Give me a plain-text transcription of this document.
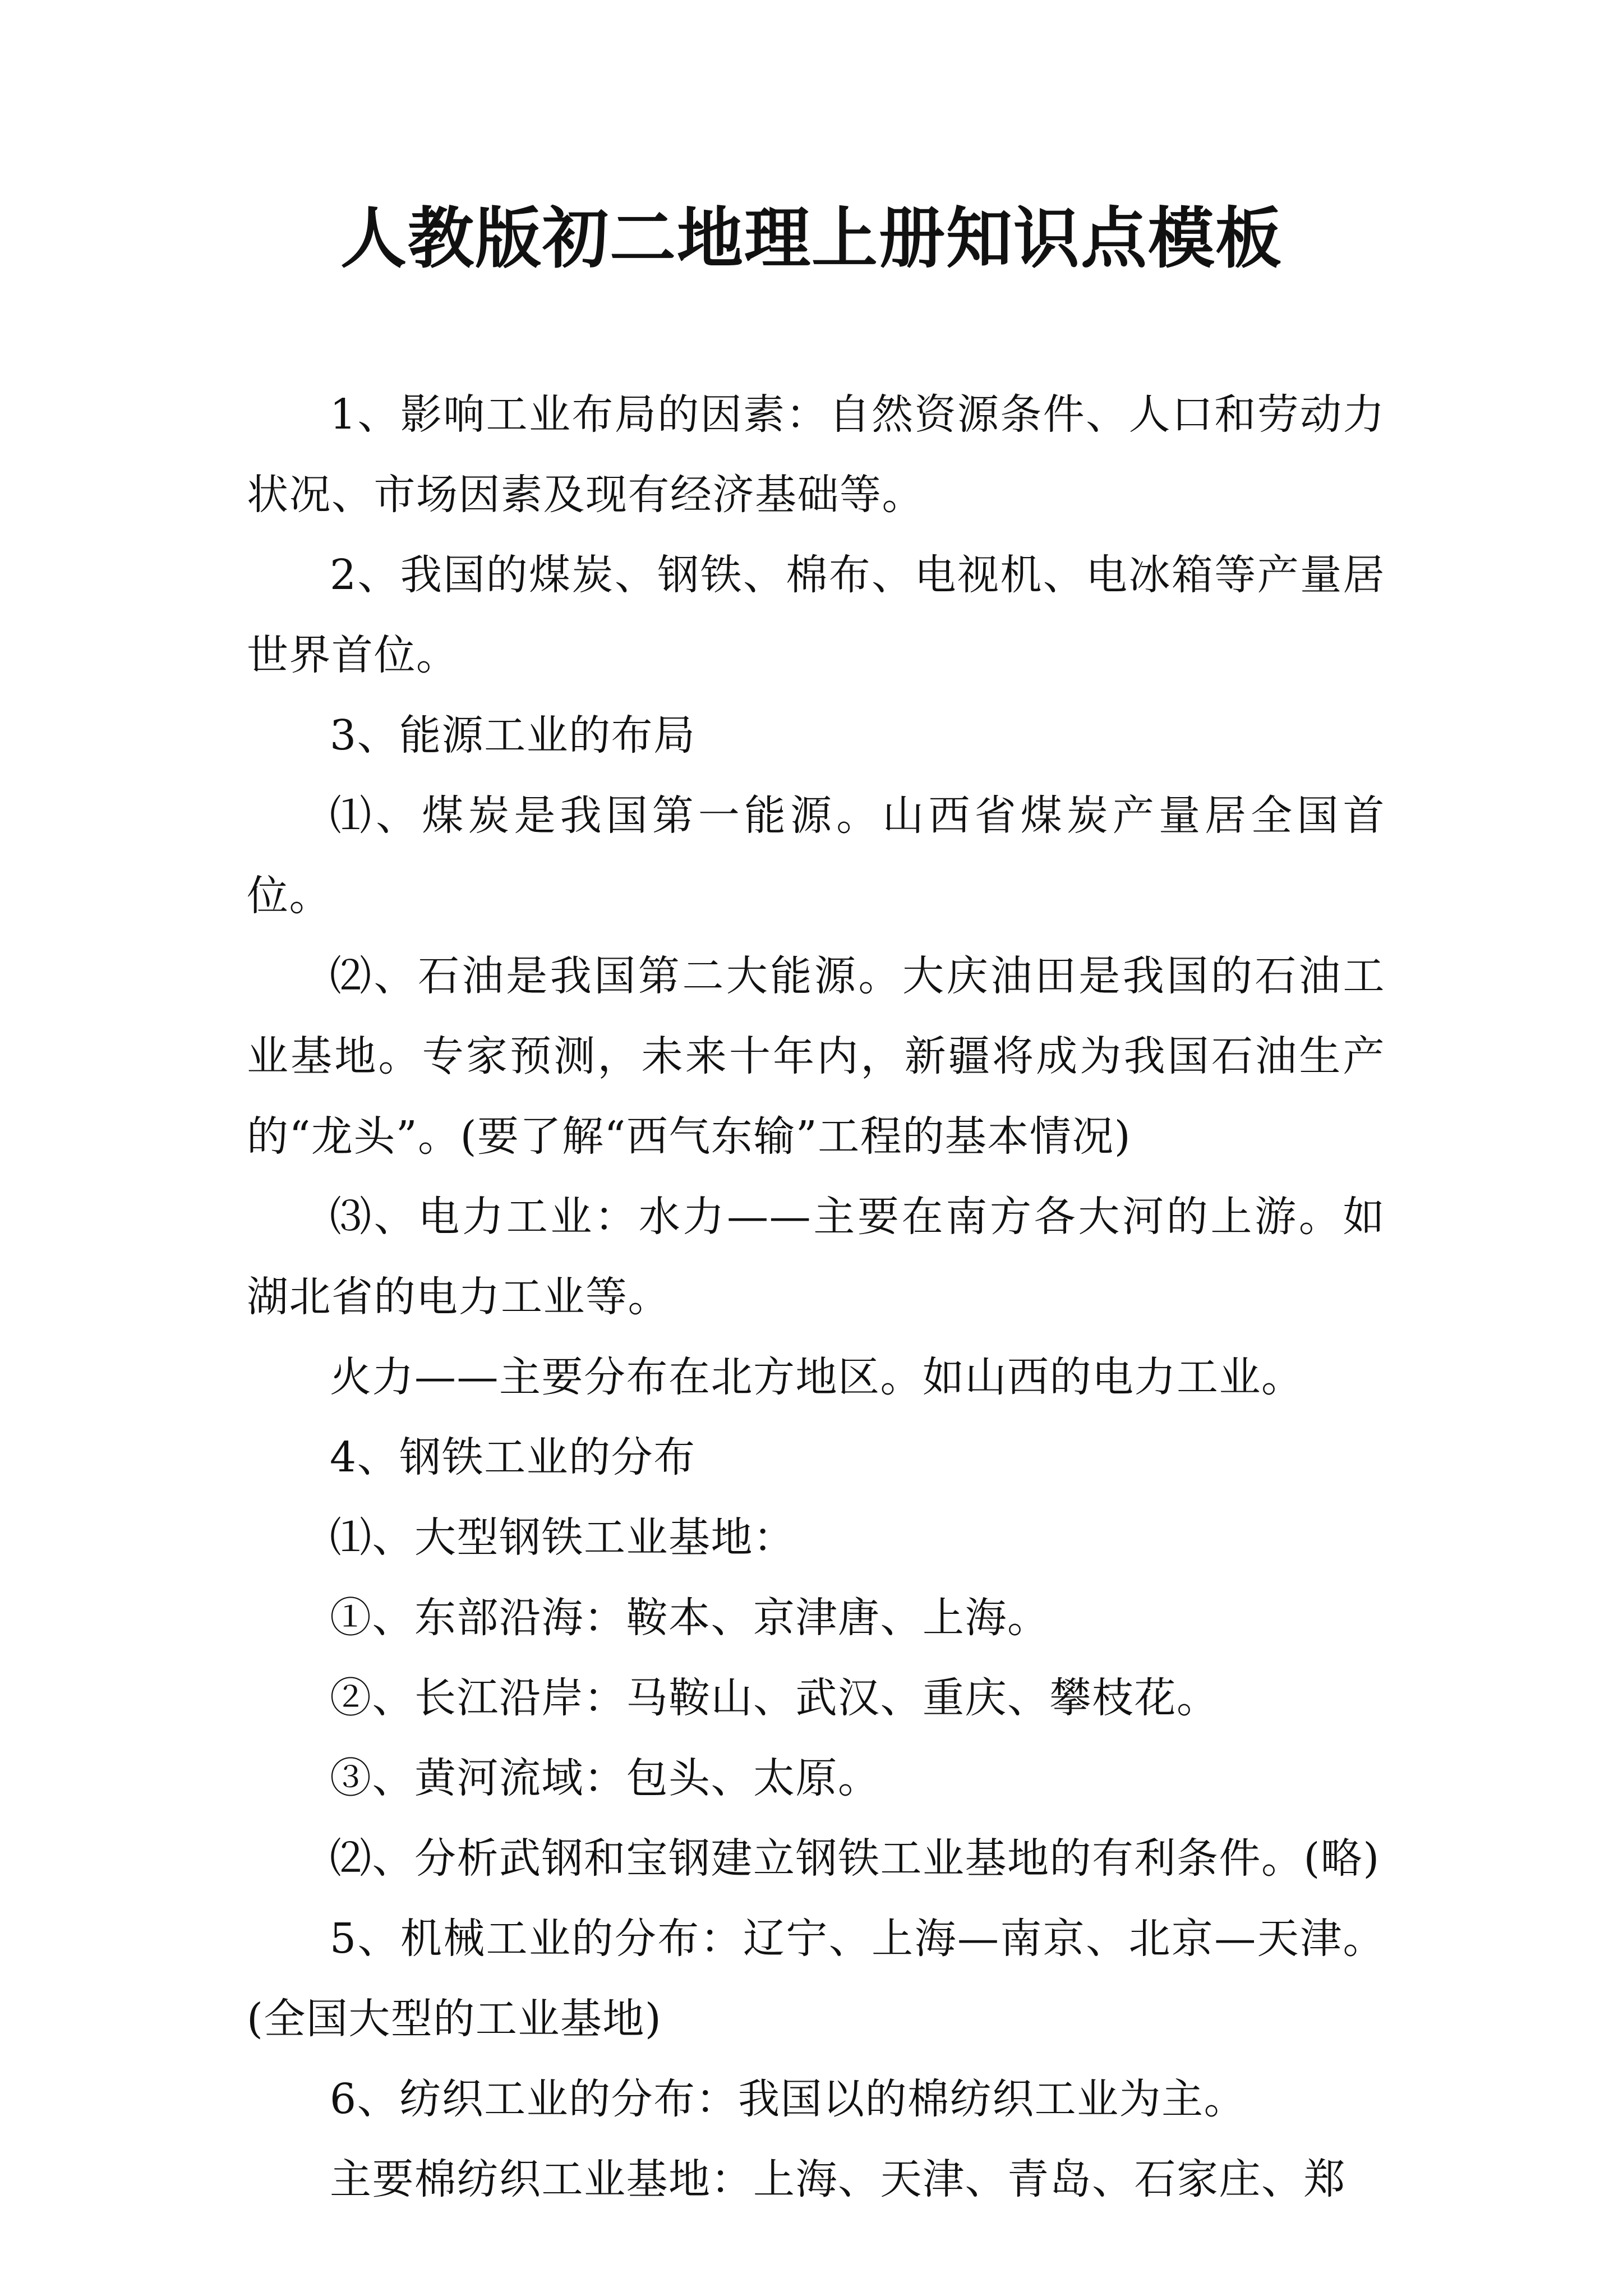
人教版初二地理上册知识点模板

1、影响工业布局的因素：自然资源条件、人口和劳动力状况、市场因素及现有经济基础等。

2、我国的煤炭、钢铁、棉布、电视机、电冰箱等产量居世界首位。

3、能源工业的布局

⑴、煤炭是我国第一能源。山西省煤炭产量居全国首位。

⑵、石油是我国第二大能源。大庆油田是我国的石油工业基地。专家预测，未来十年内，新疆将成为我国石油生产的“龙头”。(要了解“西气东输”工程的基本情况)

⑶、电力工业：水力——主要在南方各大河的上游。如湖北省的电力工业等。

火力——主要分布在北方地区。如山西的电力工业。

4、钢铁工业的分布

⑴、大型钢铁工业基地：

①、东部沿海：鞍本、京津唐、上海。

②、长江沿岸：马鞍山、武汉、重庆、攀枝花。

③、黄河流域：包头、太原。

⑵、分析武钢和宝钢建立钢铁工业基地的有利条件。(略)

5、机械工业的分布：辽宁、上海—南京、北京—天津。(全国大型的工业基地)

6、纺织工业的分布：我国以的棉纺织工业为主。

主要棉纺织工业基地：上海、天津、青岛、石家庄、郑
